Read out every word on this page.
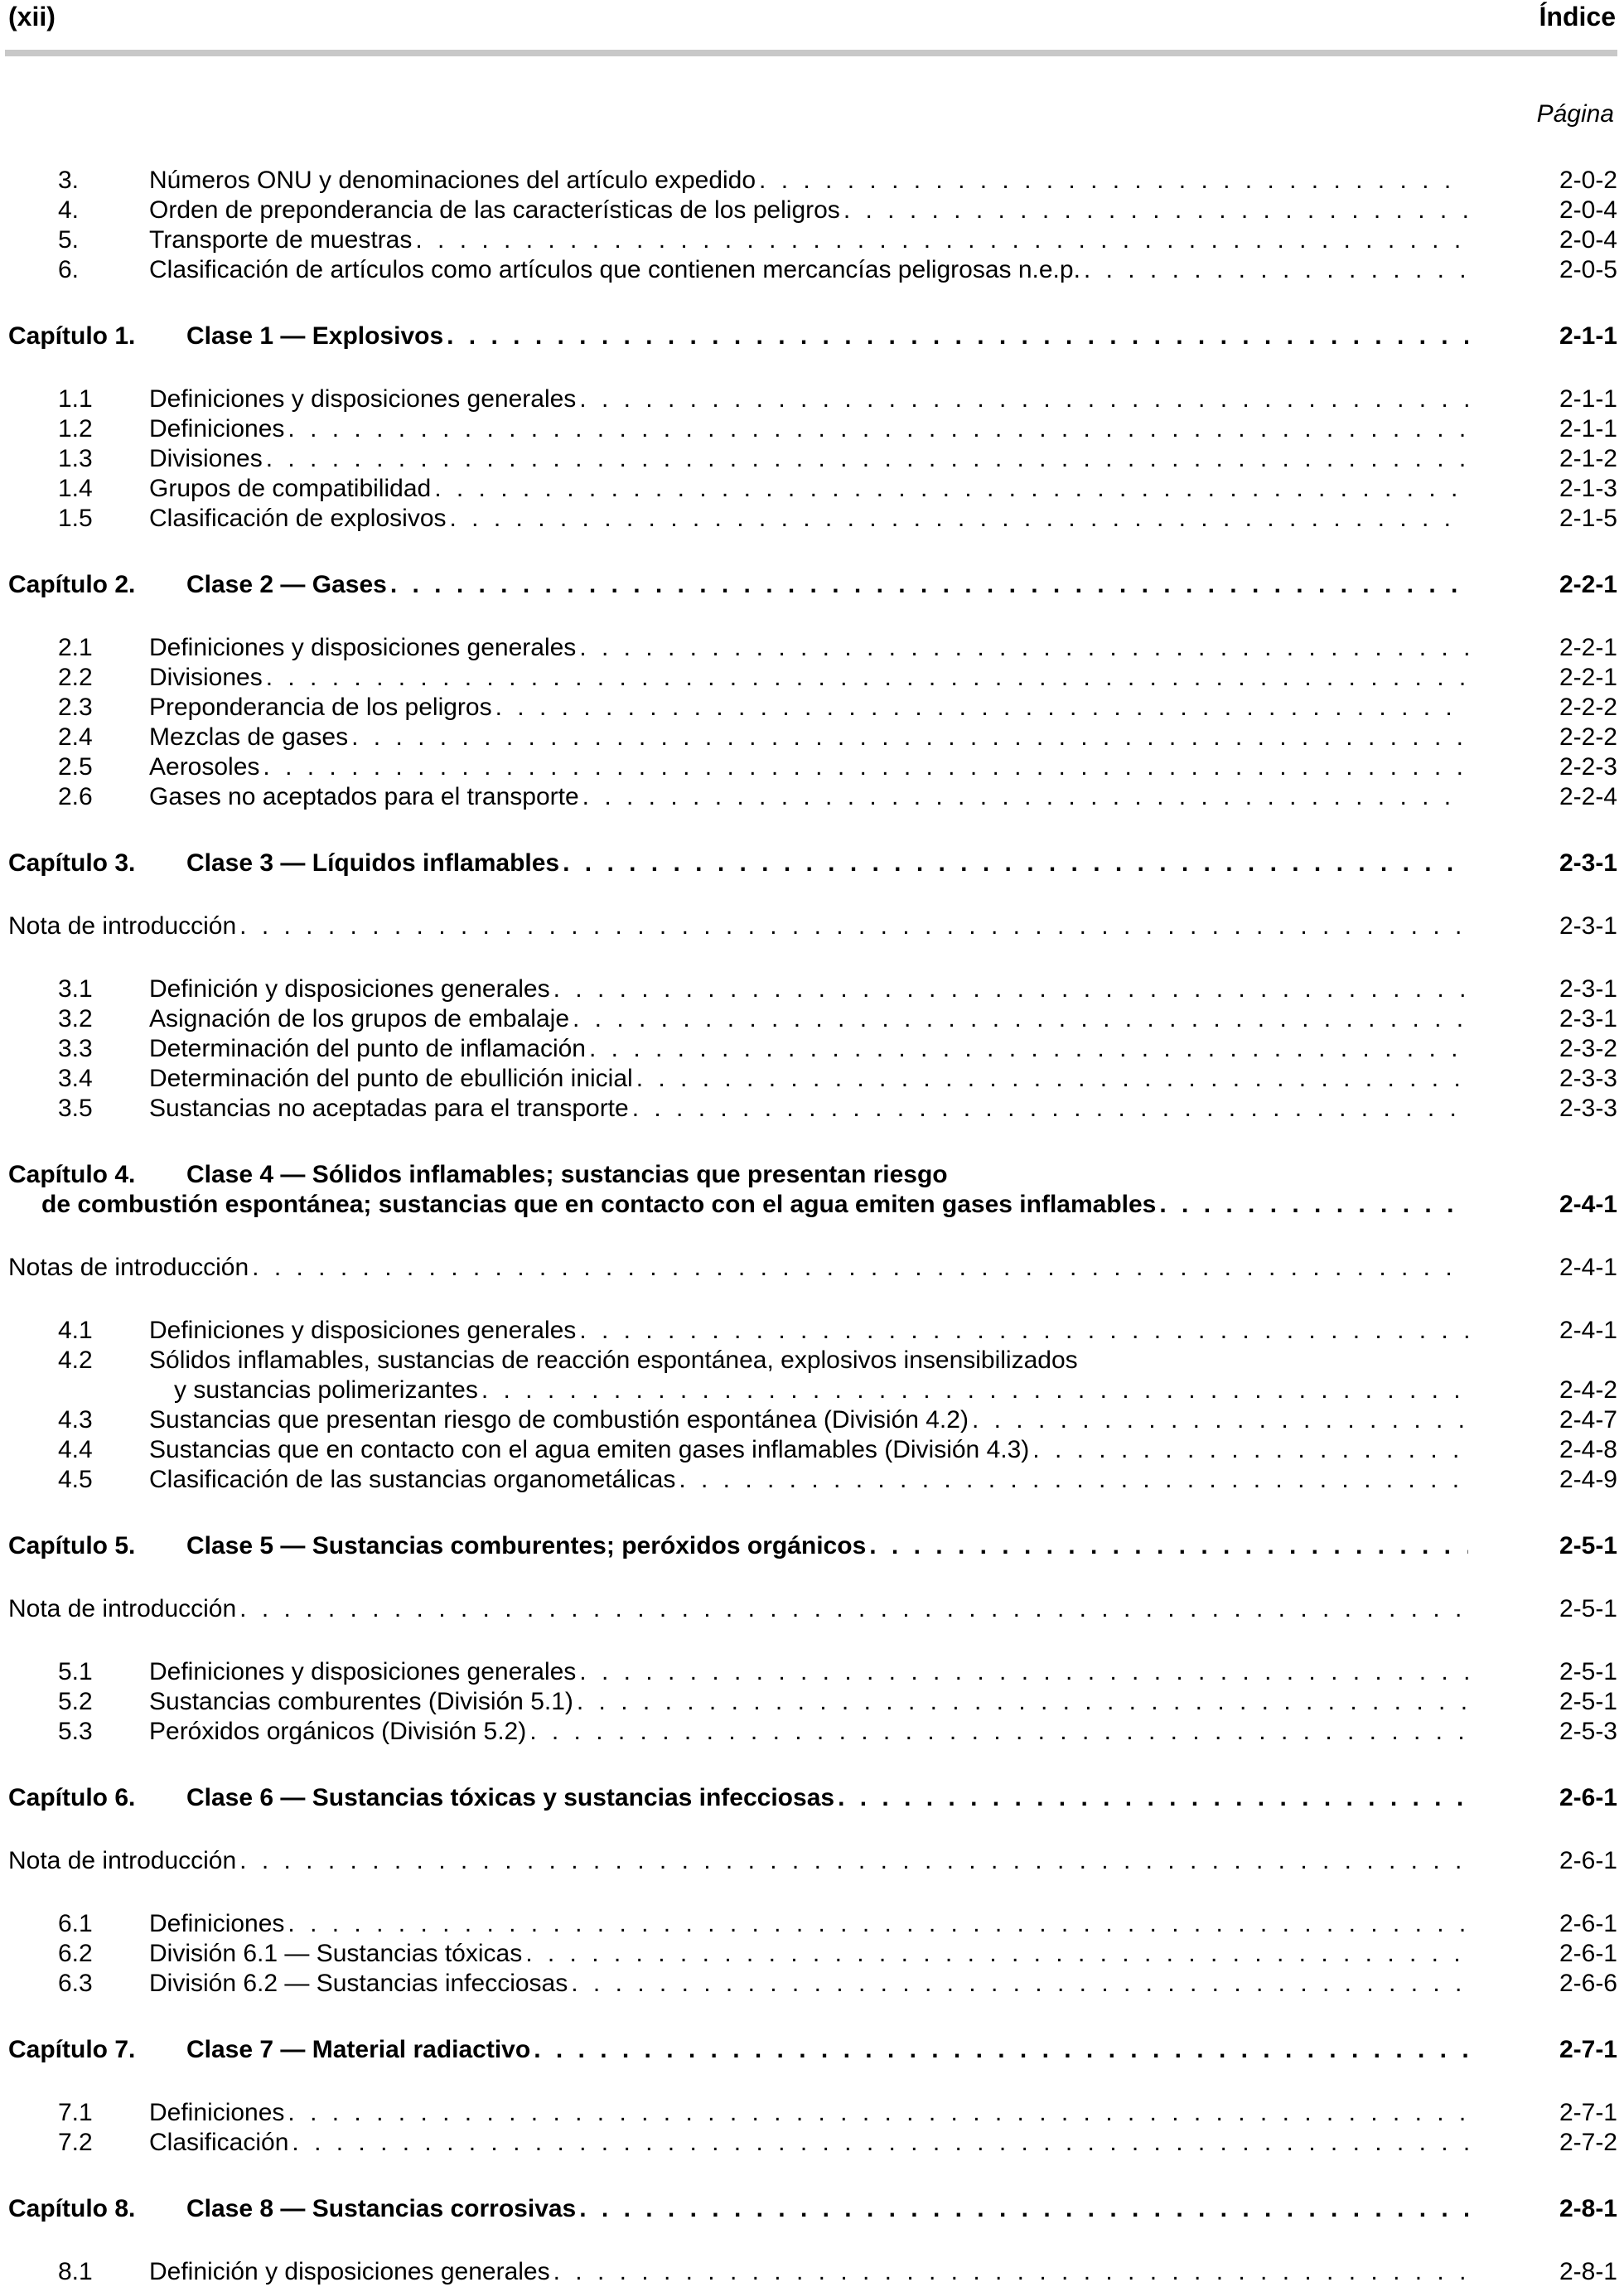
(xii)	Índice
Página
3.	Números ONU y denominaciones del artículo expedido . . .	2-0-2
4.	Orden de preponderancia de las características de los peligros . . .	2-0-4
5.	Transporte de muestras . . .	2-0-4
6.	Clasificación de artículos como artículos que contienen mercancías peligrosas n.e.p. . . .	2-0-5
Capítulo 1.	Clase 1 — Explosivos . . .	2-1-1
1.1	Definiciones y disposiciones generales . . .	2-1-1
1.2	Definiciones . . .	2-1-1
1.3	Divisiones . . .	2-1-2
1.4	Grupos de compatibilidad . . .	2-1-3
1.5	Clasificación de explosivos . . .	2-1-5
Capítulo 2.	Clase 2 — Gases . . .	2-2-1
2.1	Definiciones y disposiciones generales . . .	2-2-1
2.2	Divisiones . . .	2-2-1
2.3	Preponderancia de los peligros . . .	2-2-2
2.4	Mezclas de gases . . .	2-2-2
2.5	Aerosoles . . .	2-2-3
2.6	Gases no aceptados para el transporte . . .	2-2-4
Capítulo 3.	Clase 3 — Líquidos inflamables . . .	2-3-1
Nota de introducción . . .	2-3-1
3.1	Definición y disposiciones generales . . .	2-3-1
3.2	Asignación de los grupos de embalaje . . .	2-3-1
3.3	Determinación del punto de inflamación . . .	2-3-2
3.4	Determinación del punto de ebullición inicial . . .	2-3-3
3.5	Sustancias no aceptadas para el transporte . . .	2-3-3
Capítulo 4. Clase 4 — Sólidos inflamables; sustancias que presentan riesgo
de combustión espontánea; sustancias que en contacto con el agua emiten gases inflamables . . .	2-4-1
Notas de introducción . . .	2-4-1
4.1	Definiciones y disposiciones generales . . .	2-4-1
4.2 Sólidos inflamables, sustancias de reacción espontánea, explosivos insensibilizados
y sustancias polimerizantes . . .	2-4-2
4.3	Sustancias que presentan riesgo de combustión espontánea (División 4.2) . . .	2-4-7
4.4	Sustancias que en contacto con el agua emiten gases inflamables (División 4.3) . . .	2-4-8
4.5	Clasificación de las sustancias organometálicas . . .	2-4-9
Capítulo 5.	Clase 5 — Sustancias comburentes; peróxidos orgánicos . . .	2-5-1
Nota de introducción . . .	2-5-1
5.1	Definiciones y disposiciones generales . . .	2-5-1
5.2	Sustancias comburentes (División 5.1) . . .	2-5-1
5.3	Peróxidos orgánicos (División 5.2) . . .	2-5-3
Capítulo 6.	Clase 6 — Sustancias tóxicas y sustancias infecciosas . . .	2-6-1
Nota de introducción . . .	2-6-1
6.1	Definiciones . . .	2-6-1
6.2	División 6.1 — Sustancias tóxicas . . .	2-6-1
6.3	División 6.2 — Sustancias infecciosas . . .	2-6-6
Capítulo 7.	Clase 7 — Material radiactivo . . .	2-7-1
7.1	Definiciones . . .	2-7-1
7.2	Clasificación . . .	2-7-2
Capítulo 8.	Clase 8 — Sustancias corrosivas . . .	2-8-1
8.1	Definición y disposiciones generales . . .	2-8-1
